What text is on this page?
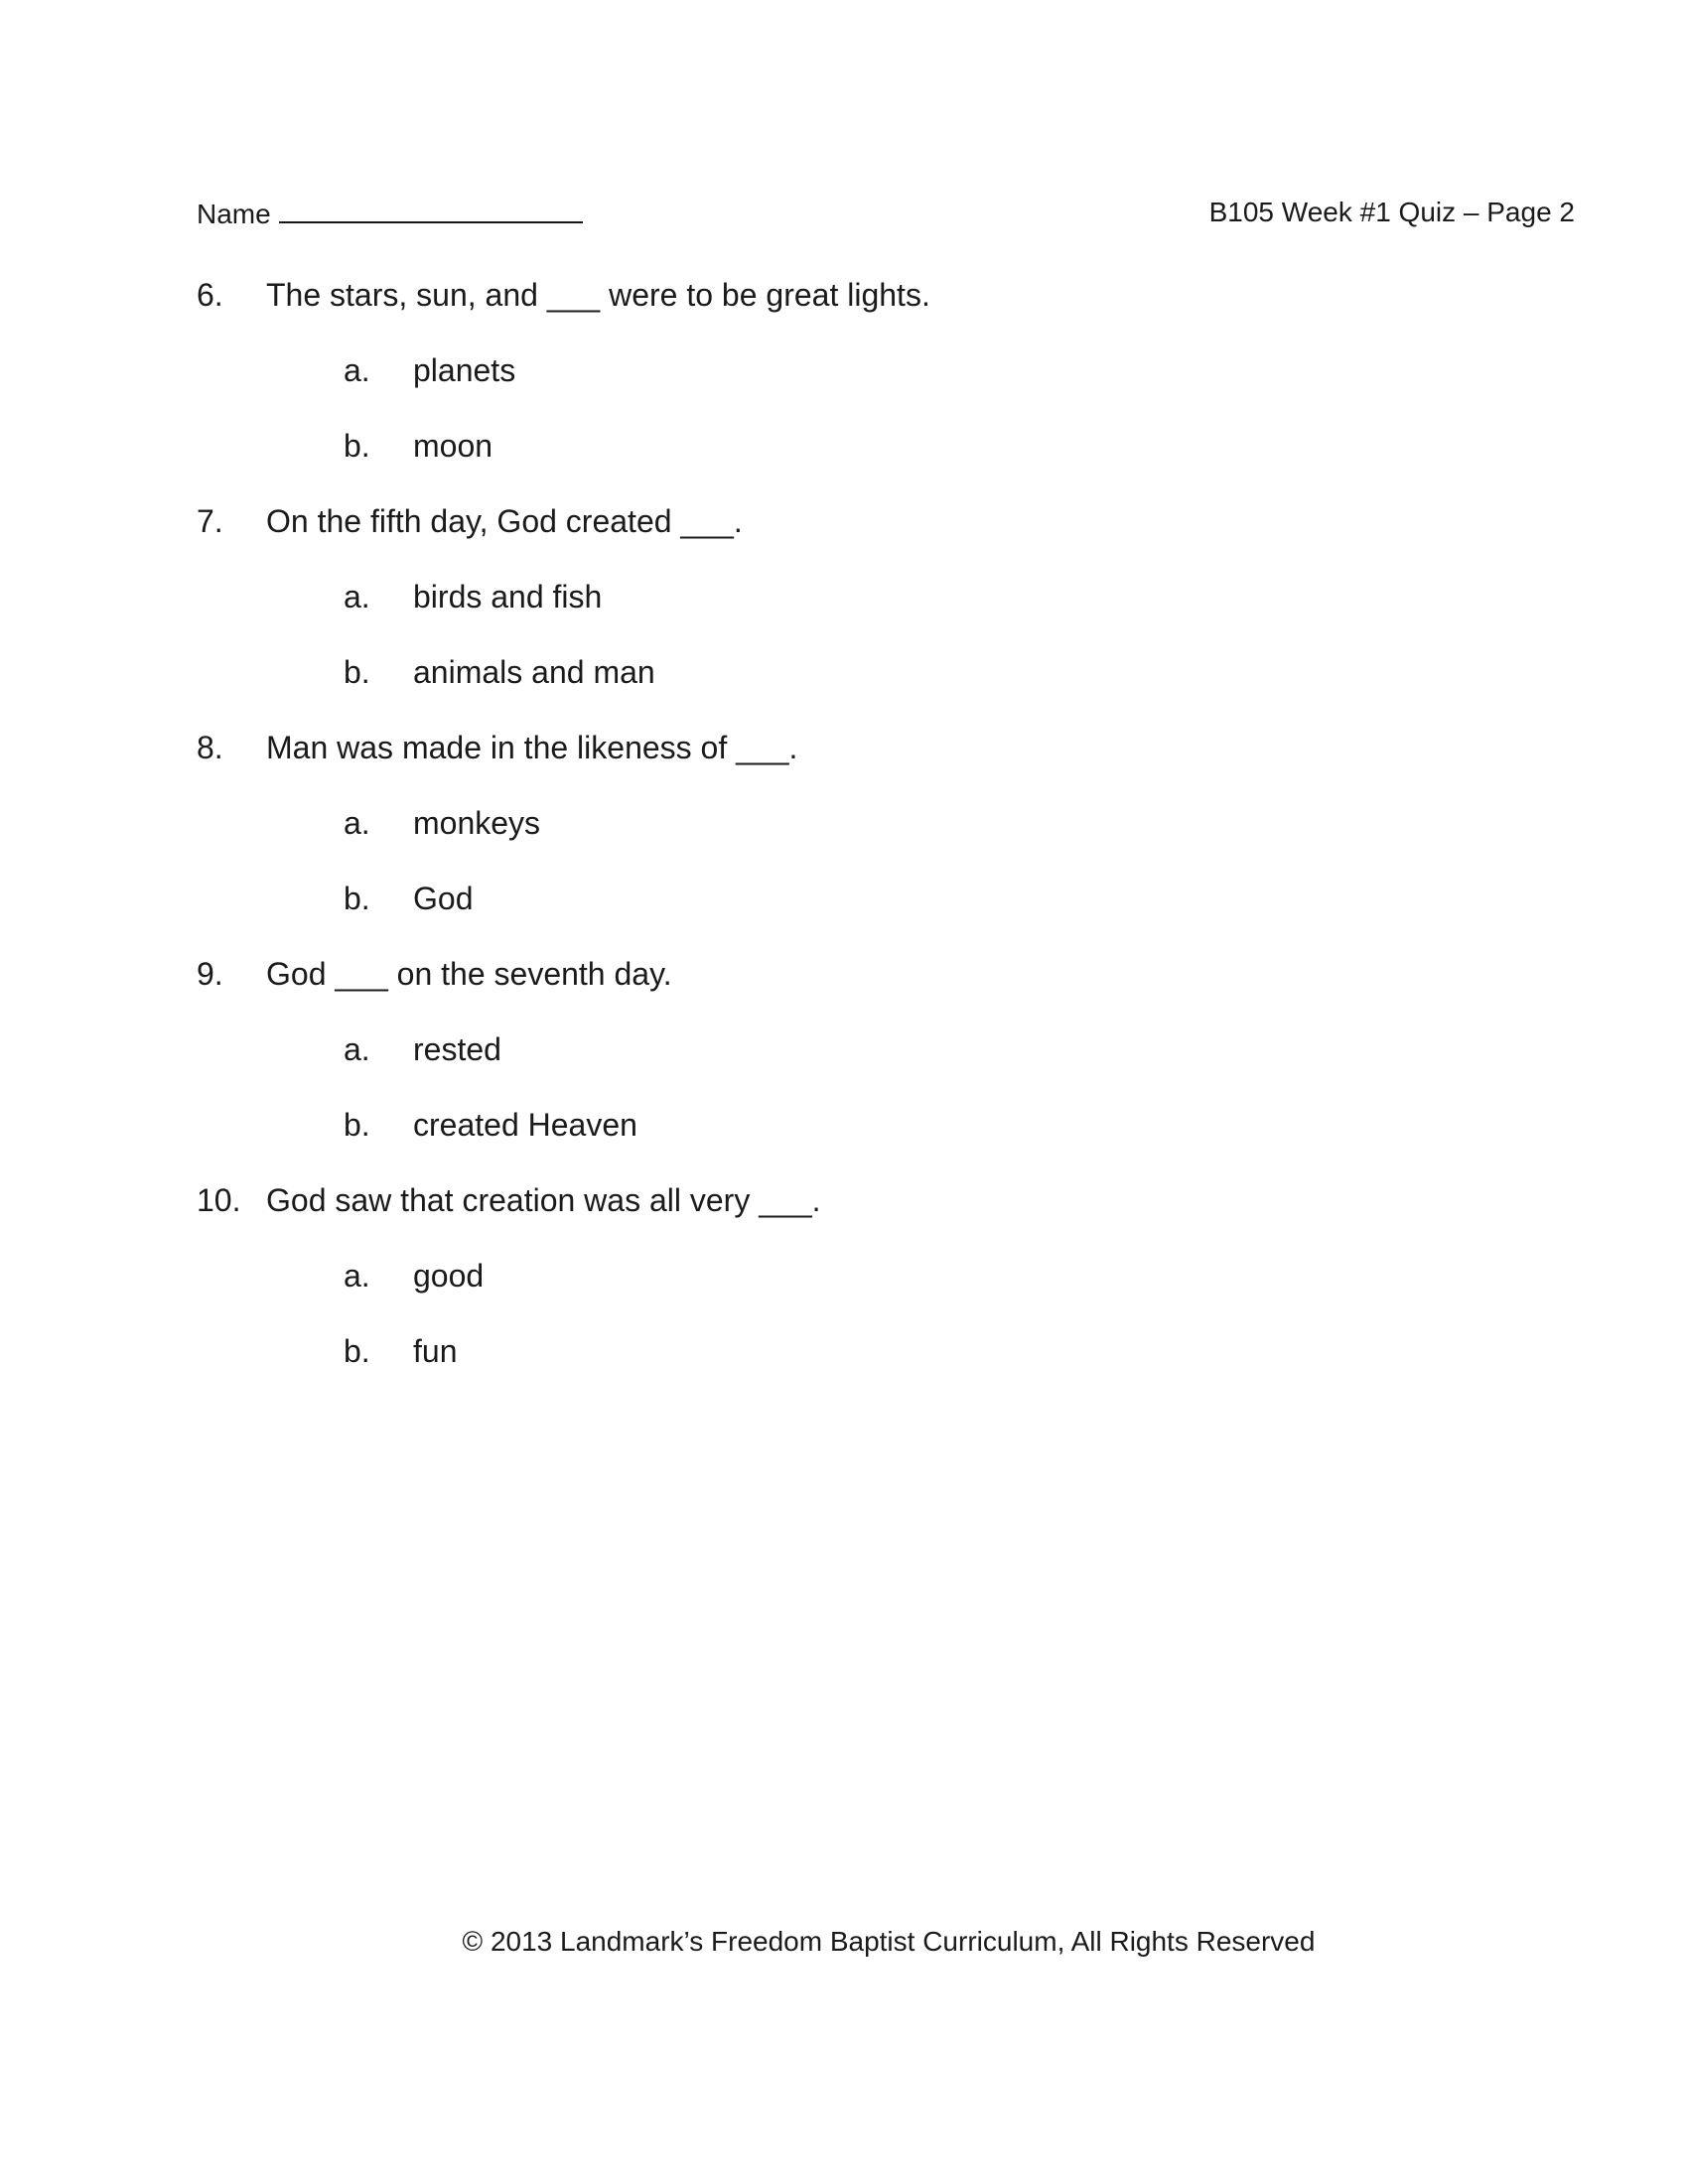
Name	B105 Week #1 Quiz – Page 2
6. The stars, sun, and ___ were to be great lights.
a. planets
b. moon
7. On the fifth day, God created ___.
a. birds and fish
b. animals and man
8. Man was made in the likeness of ___.
a. monkeys
b. God
9. God ___ on the seventh day.
a. rested
b. created Heaven
10. God saw that creation was all very ___.
a. good
b. fun
© 2013 Landmark’s Freedom Baptist Curriculum, All Rights Reserved
